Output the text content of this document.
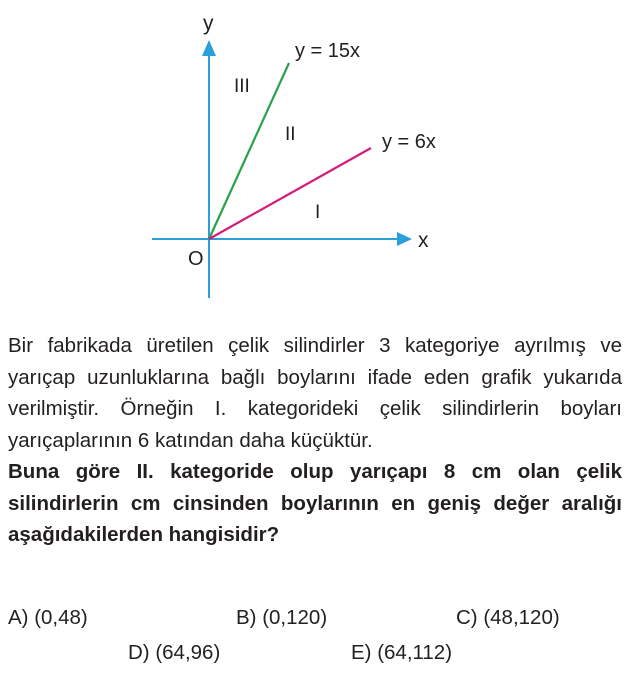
y
x
O
y = 15x
y = 6x
III
II
I

Bir fabrikada üretilen çelik silindirler 3 kategoriye ayrılmış ve yarıçap uzunluklarına bağlı boylarını ifade eden grafik yukarıda verilmiştir. Örneğin I. kategorideki çelik silindirlerin boyları yarıçaplarının 6 katından daha küçüktür.

Buna göre II. kategoride olup yarıçapı 8 cm olan çelik silindirlerin cm cinsinden boylarının en geniş değer aralığı aşağıdakilerden hangisidir?

A) (0,48)	B) (0,120)	C) (48,120)
D) (64,96)	E) (64,112)
